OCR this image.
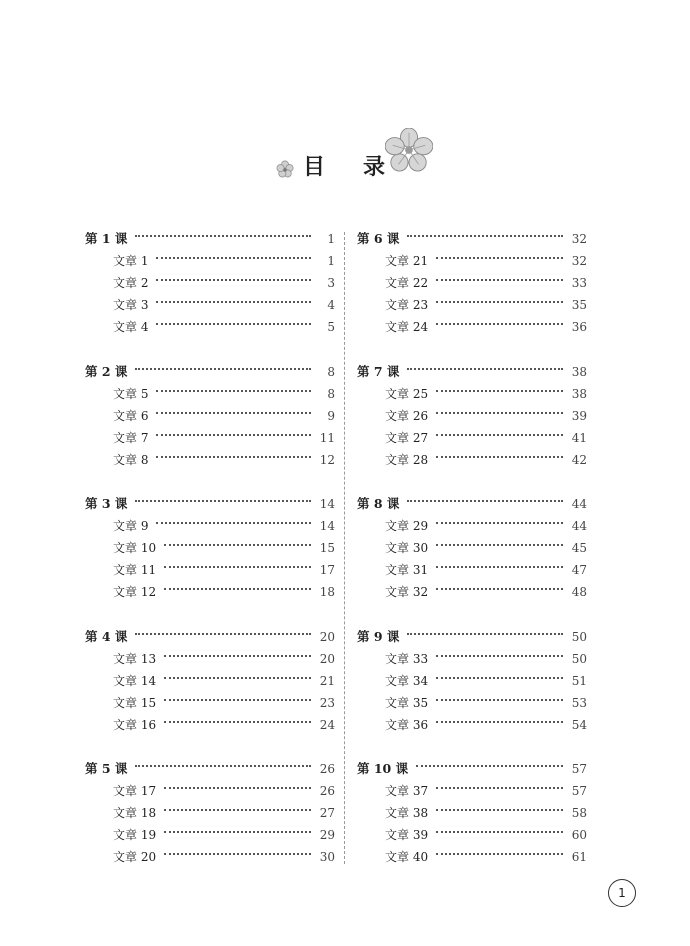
目 录
第 1 课	1
文章 1	1
文章 2	3
文章 3	4
文章 4	5
第 2 课	8
文章 5	8
文章 6	9
文章 7	11
文章 8	12
第 3 课	14
文章 9	14
文章 10	15
文章 11	17
文章 12	18
第 4 课	20
文章 13	20
文章 14	21
文章 15	23
文章 16	24
第 5 课	26
文章 17	26
文章 18	27
文章 19	29
文章 20	30
第 6 课	32
文章 21	32
文章 22	33
文章 23	35
文章 24	36
第 7 课	38
文章 25	38
文章 26	39
文章 27	41
文章 28	42
第 8 课	44
文章 29	44
文章 30	45
文章 31	47
文章 32	48
第 9 课	50
文章 33	50
文章 34	51
文章 35	53
文章 36	54
第 10 课	57
文章 37	57
文章 38	58
文章 39	60
文章 40	61
1
